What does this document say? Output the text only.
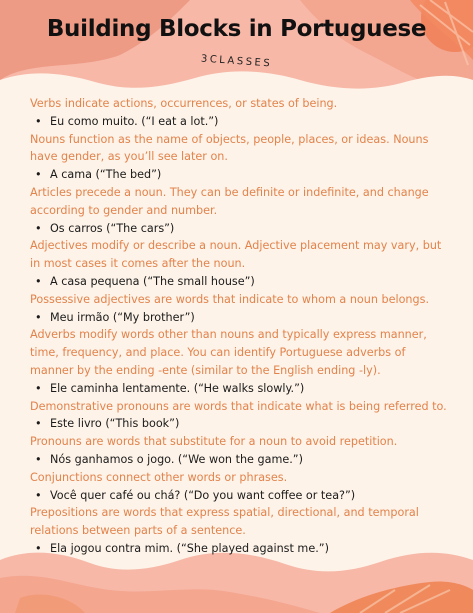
Building Blocks in Portuguese
3CLASSES

Verbs indicate actions, occurrences, or states of being.

• Eu como muito. (“I eat a lot.”)

Nouns function as the name of objects, people, places, or ideas. Nouns have gender, as you’ll see later on.

• A cama (“The bed”)

Articles precede a noun. They can be definite or indefinite, and change according to gender and number.

• Os carros (“The cars”)

Adjectives modify or describe a noun. Adjective placement may vary, but in most cases it comes after the noun.

• A casa pequena (“The small house”)

Possessive adjectives are words that indicate to whom a noun belongs.

• Meu irmão (“My brother”)

Adverbs modify words other than nouns and typically express manner, time, frequency, and place. You can identify Portuguese adverbs of manner by the ending -ente (similar to the English ending -ly).

• Ele caminha lentamente. (“He walks slowly.”)

Demonstrative pronouns are words that indicate what is being referred to.

• Este livro (“This book”)

Pronouns are words that substitute for a noun to avoid repetition.

• Nós ganhamos o jogo. (“We won the game.”)

Conjunctions connect other words or phrases.

• Você quer café ou chá? (“Do you want coffee or tea?”)

Prepositions are words that express spatial, directional, and temporal relations between parts of a sentence.

• Ela jogou contra mim. (“She played against me.”)
